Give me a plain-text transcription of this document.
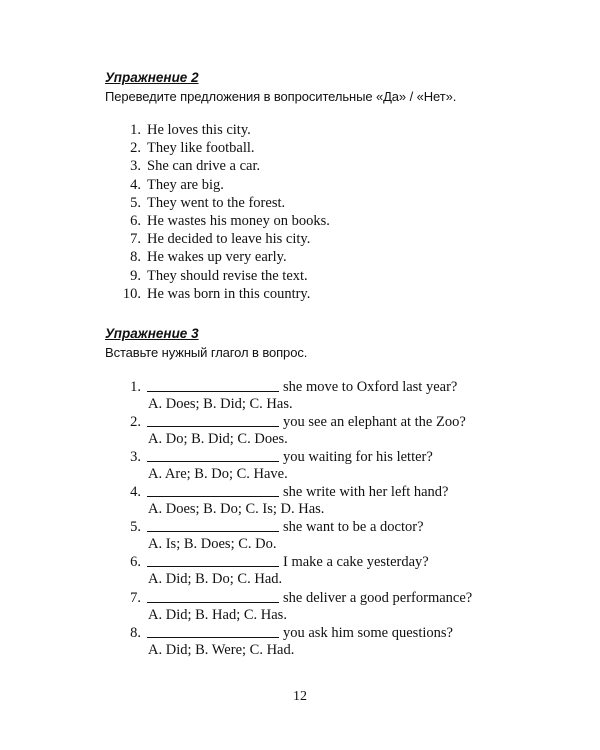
Упражнение 2
Переведите предложения в вопросительные «Да» / «Нет».
1. He loves this city.
2. They like football.
3. She can drive a car.
4. They are big.
5. They went to the forest.
6. He wastes his money on books.
7. He decided to leave his city.
8. He wakes up very early.
9. They should revise the text.
10. He was born in this country.
Упражнение 3
Вставьте нужный глагол в вопрос.
1.	she move to Oxford last year?
A. Does; B. Did; C. Has.
2.	you see an elephant at the Zoo?
A. Do; B. Did; C. Does.
3.	you waiting for his letter?
A. Are; B. Do; C. Have.
4.	she write with her left hand?
A. Does; B. Do; C. Is; D. Has.
5.	she want to be a doctor?
A. Is; B. Does; C. Do.
6.	I make a cake yesterday?
A. Did; B. Do; C. Had.
7.	she deliver a good performance?
A. Did; B. Had; C. Has.
8.	you ask him some questions?
A. Did; B. Were; C. Had.
12
